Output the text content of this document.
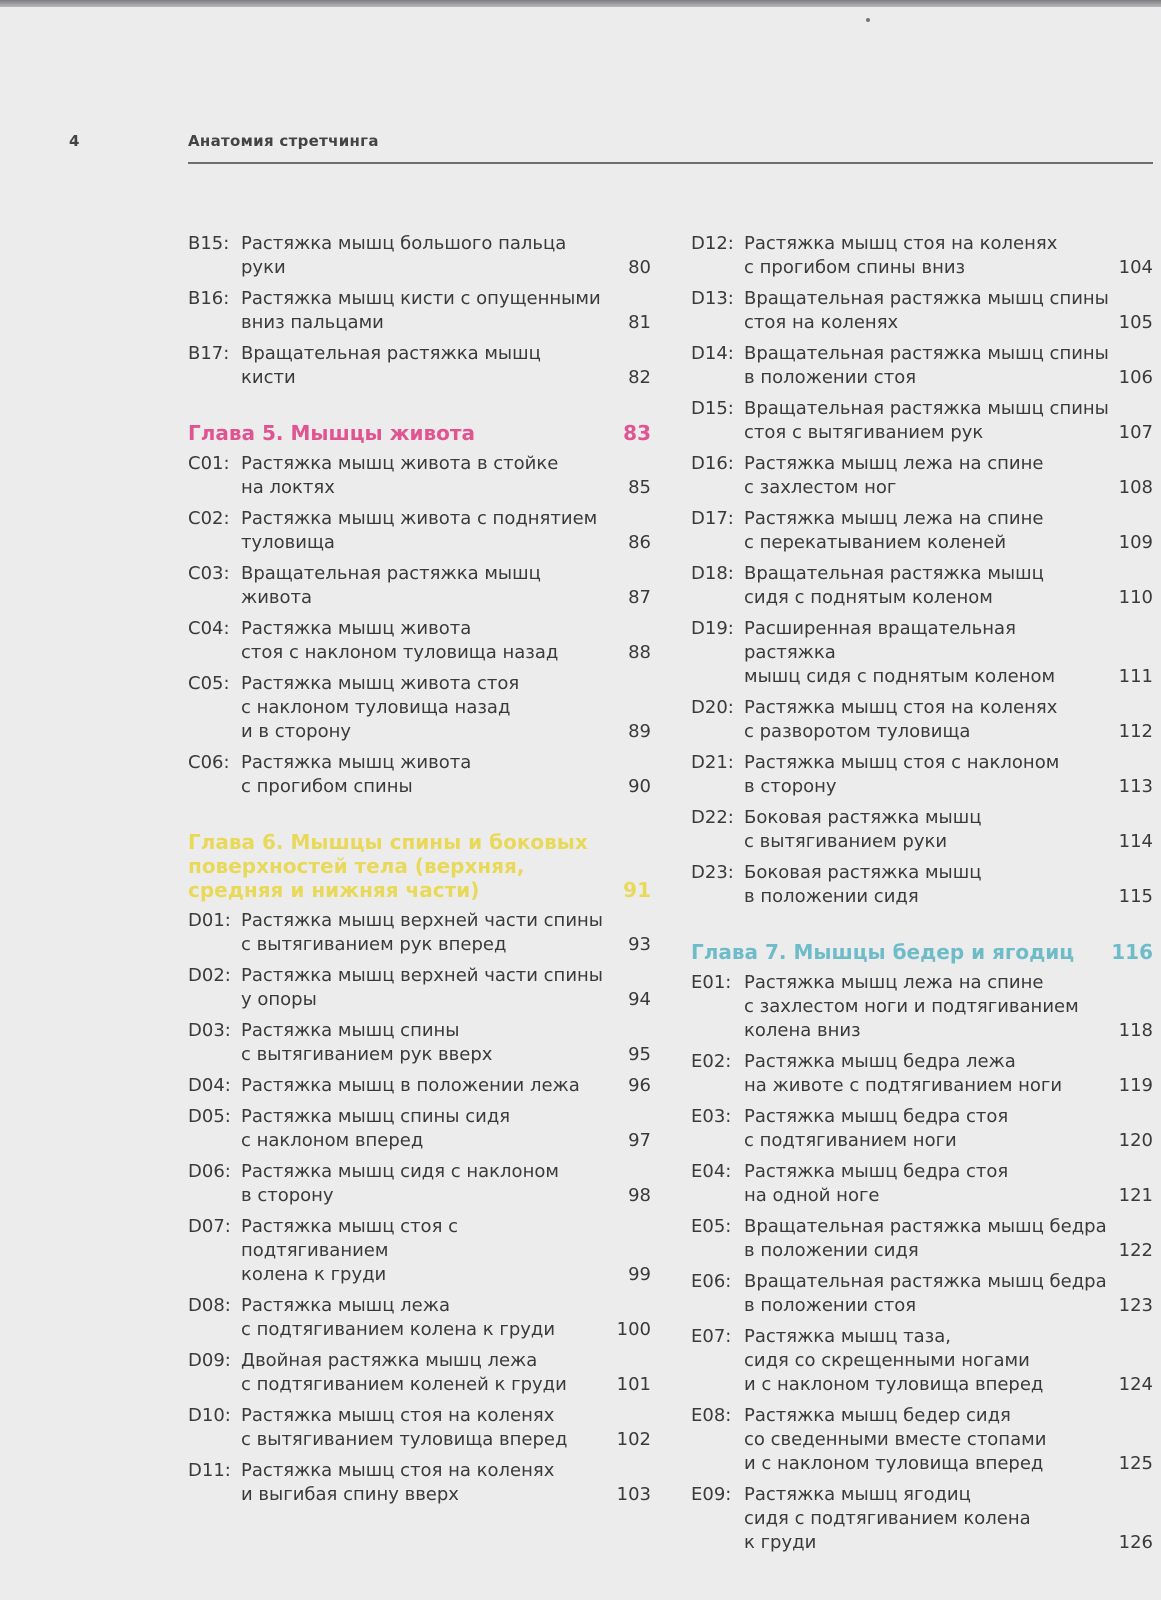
4	Анатомия стретчинга
B15: Растяжка мышц большого пальца
руки	80
B16: Растяжка мышц кисти с опущенными
вниз пальцами	81
B17: Вращательная растяжка мышц
кисти	82
Глава 5. Мышцы живота	83
C01: Растяжка мышц живота в стойке
на локтях	85
C02: Растяжка мышц живота с поднятием
туловища	86
C03: Вращательная растяжка мышц
живота	87
C04: Растяжка мышц живота
стоя с наклоном туловища назад	88
C05: Растяжка мышц живота стоя
с наклоном туловища назад
и в сторону	89
C06: Растяжка мышц живота
с прогибом спины	90
Глава 6. Мышцы спины и боковых
поверхностей тела (верхняя,
средняя и нижняя части)	91
D01: Растяжка мышц верхней части спины
с вытягиванием рук вперед	93
D02: Растяжка мышц верхней части спины
у опоры	94
D03: Растяжка мышц спины
с вытягиванием рук вверх	95
D04: Растяжка мышц в положении лежа	96
D05: Растяжка мышц спины сидя
с наклоном вперед	97
D06: Растяжка мышц сидя с наклоном
в сторону	98
D07: Растяжка мышц стоя с подтягиванием
колена к груди	99
D08: Растяжка мышц лежа
с подтягиванием колена к груди	100
D09: Двойная растяжка мышц лежа
с подтягиванием коленей к груди	101
D10: Растяжка мышц стоя на коленях
с вытягиванием туловища вперед	102
D11: Растяжка мышц стоя на коленях
и выгибая спину вверх	103
D12: Растяжка мышц стоя на коленях
с прогибом спины вниз	104
D13: Вращательная растяжка мышц спины
стоя на коленях	105
D14: Вращательная растяжка мышц спины
в положении стоя	106
D15: Вращательная растяжка мышц спины
стоя с вытягиванием рук	107
D16: Растяжка мышц лежа на спине
с захлестом ног	108
D17: Растяжка мышц лежа на спине
с перекатыванием коленей	109
D18: Вращательная растяжка мышц
сидя с поднятым коленом	110
D19: Расширенная вращательная растяжка
мышц сидя с поднятым коленом	111
D20: Растяжка мышц стоя на коленях
с разворотом туловища	112
D21: Растяжка мышц стоя с наклоном
в сторону	113
D22: Боковая растяжка мышц
с вытягиванием руки	114
D23: Боковая растяжка мышц
в положении сидя	115
Глава 7. Мышцы бедер и ягодиц	116
E01: Растяжка мышц лежа на спине
с захлестом ноги и подтягиванием
колена вниз	118
E02: Растяжка мышц бедра лежа
на животе с подтягиванием ноги	119
E03: Растяжка мышц бедра стоя
с подтягиванием ноги	120
E04: Растяжка мышц бедра стоя
на одной ноге	121
E05: Вращательная растяжка мышц бедра
в положении сидя	122
E06: Вращательная растяжка мышц бедра
в положении стоя	123
E07: Растяжка мышц таза,
сидя со скрещенными ногами
и с наклоном туловища вперед	124
E08: Растяжка мышц бедер сидя
со сведенными вместе стопами
и с наклоном туловища вперед	125
E09: Растяжка мышц ягодиц
сидя с подтягиванием колена
к груди	126
